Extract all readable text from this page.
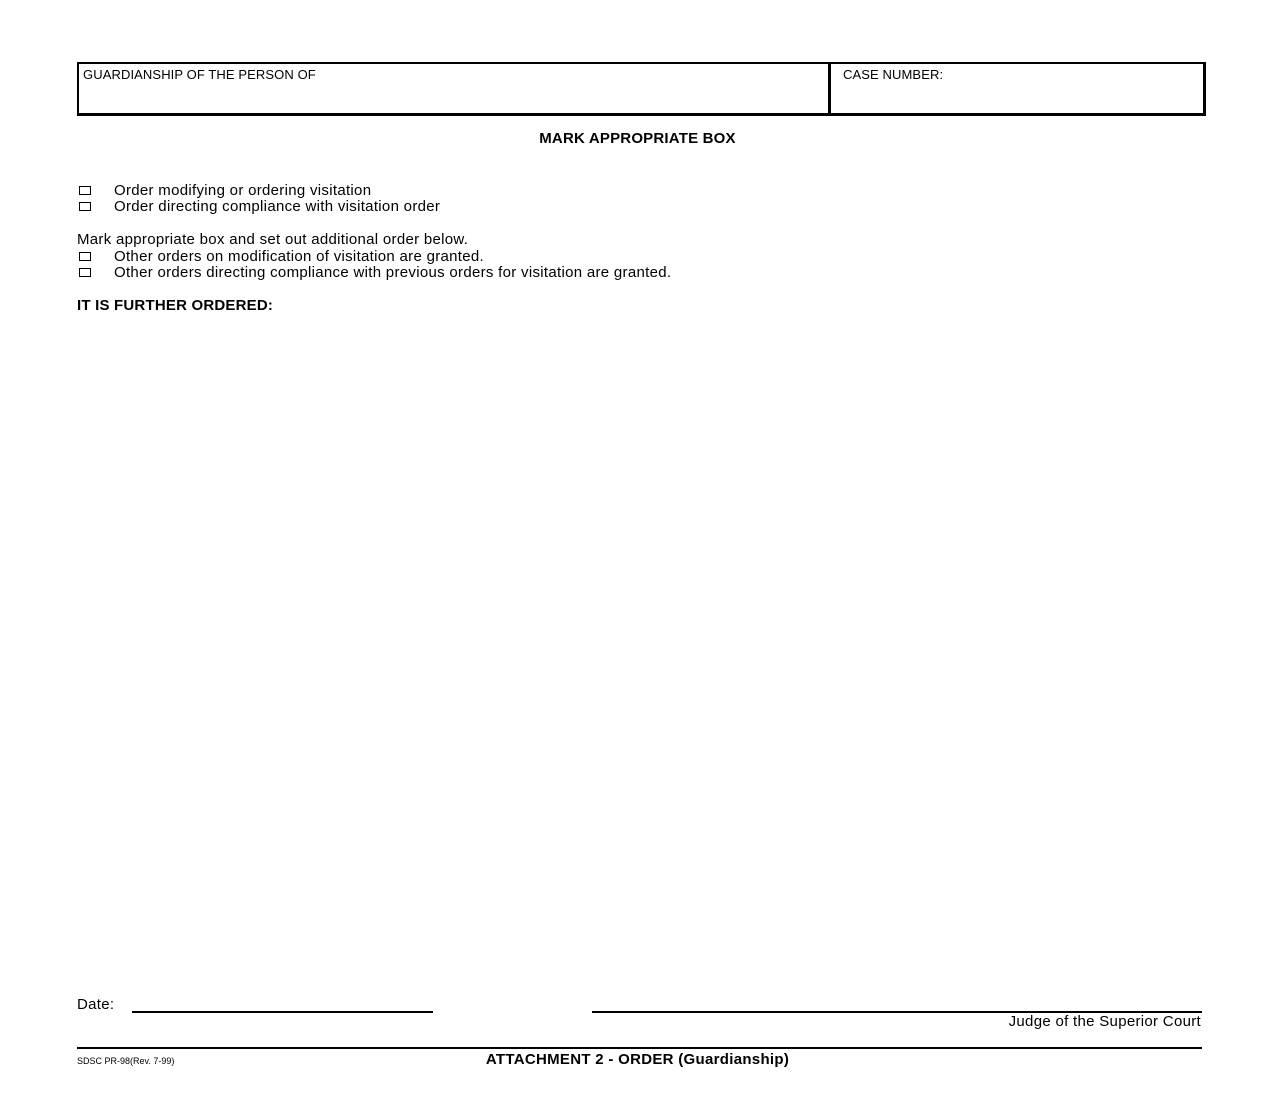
GUARDIANSHIP OF THE PERSON OF	CASE NUMBER:
MARK APPROPRIATE BOX
Order modifying or ordering visitation
Order directing compliance with visitation order
Mark appropriate box and set out additional order below.
Other orders on modification of visitation are granted.
Other orders directing compliance with previous orders for visitation are granted.
IT IS FURTHER ORDERED:
Date:
Judge of the Superior Court
SDSC PR-98(Rev. 7-99)	ATTACHMENT 2 - ORDER (Guardianship)
